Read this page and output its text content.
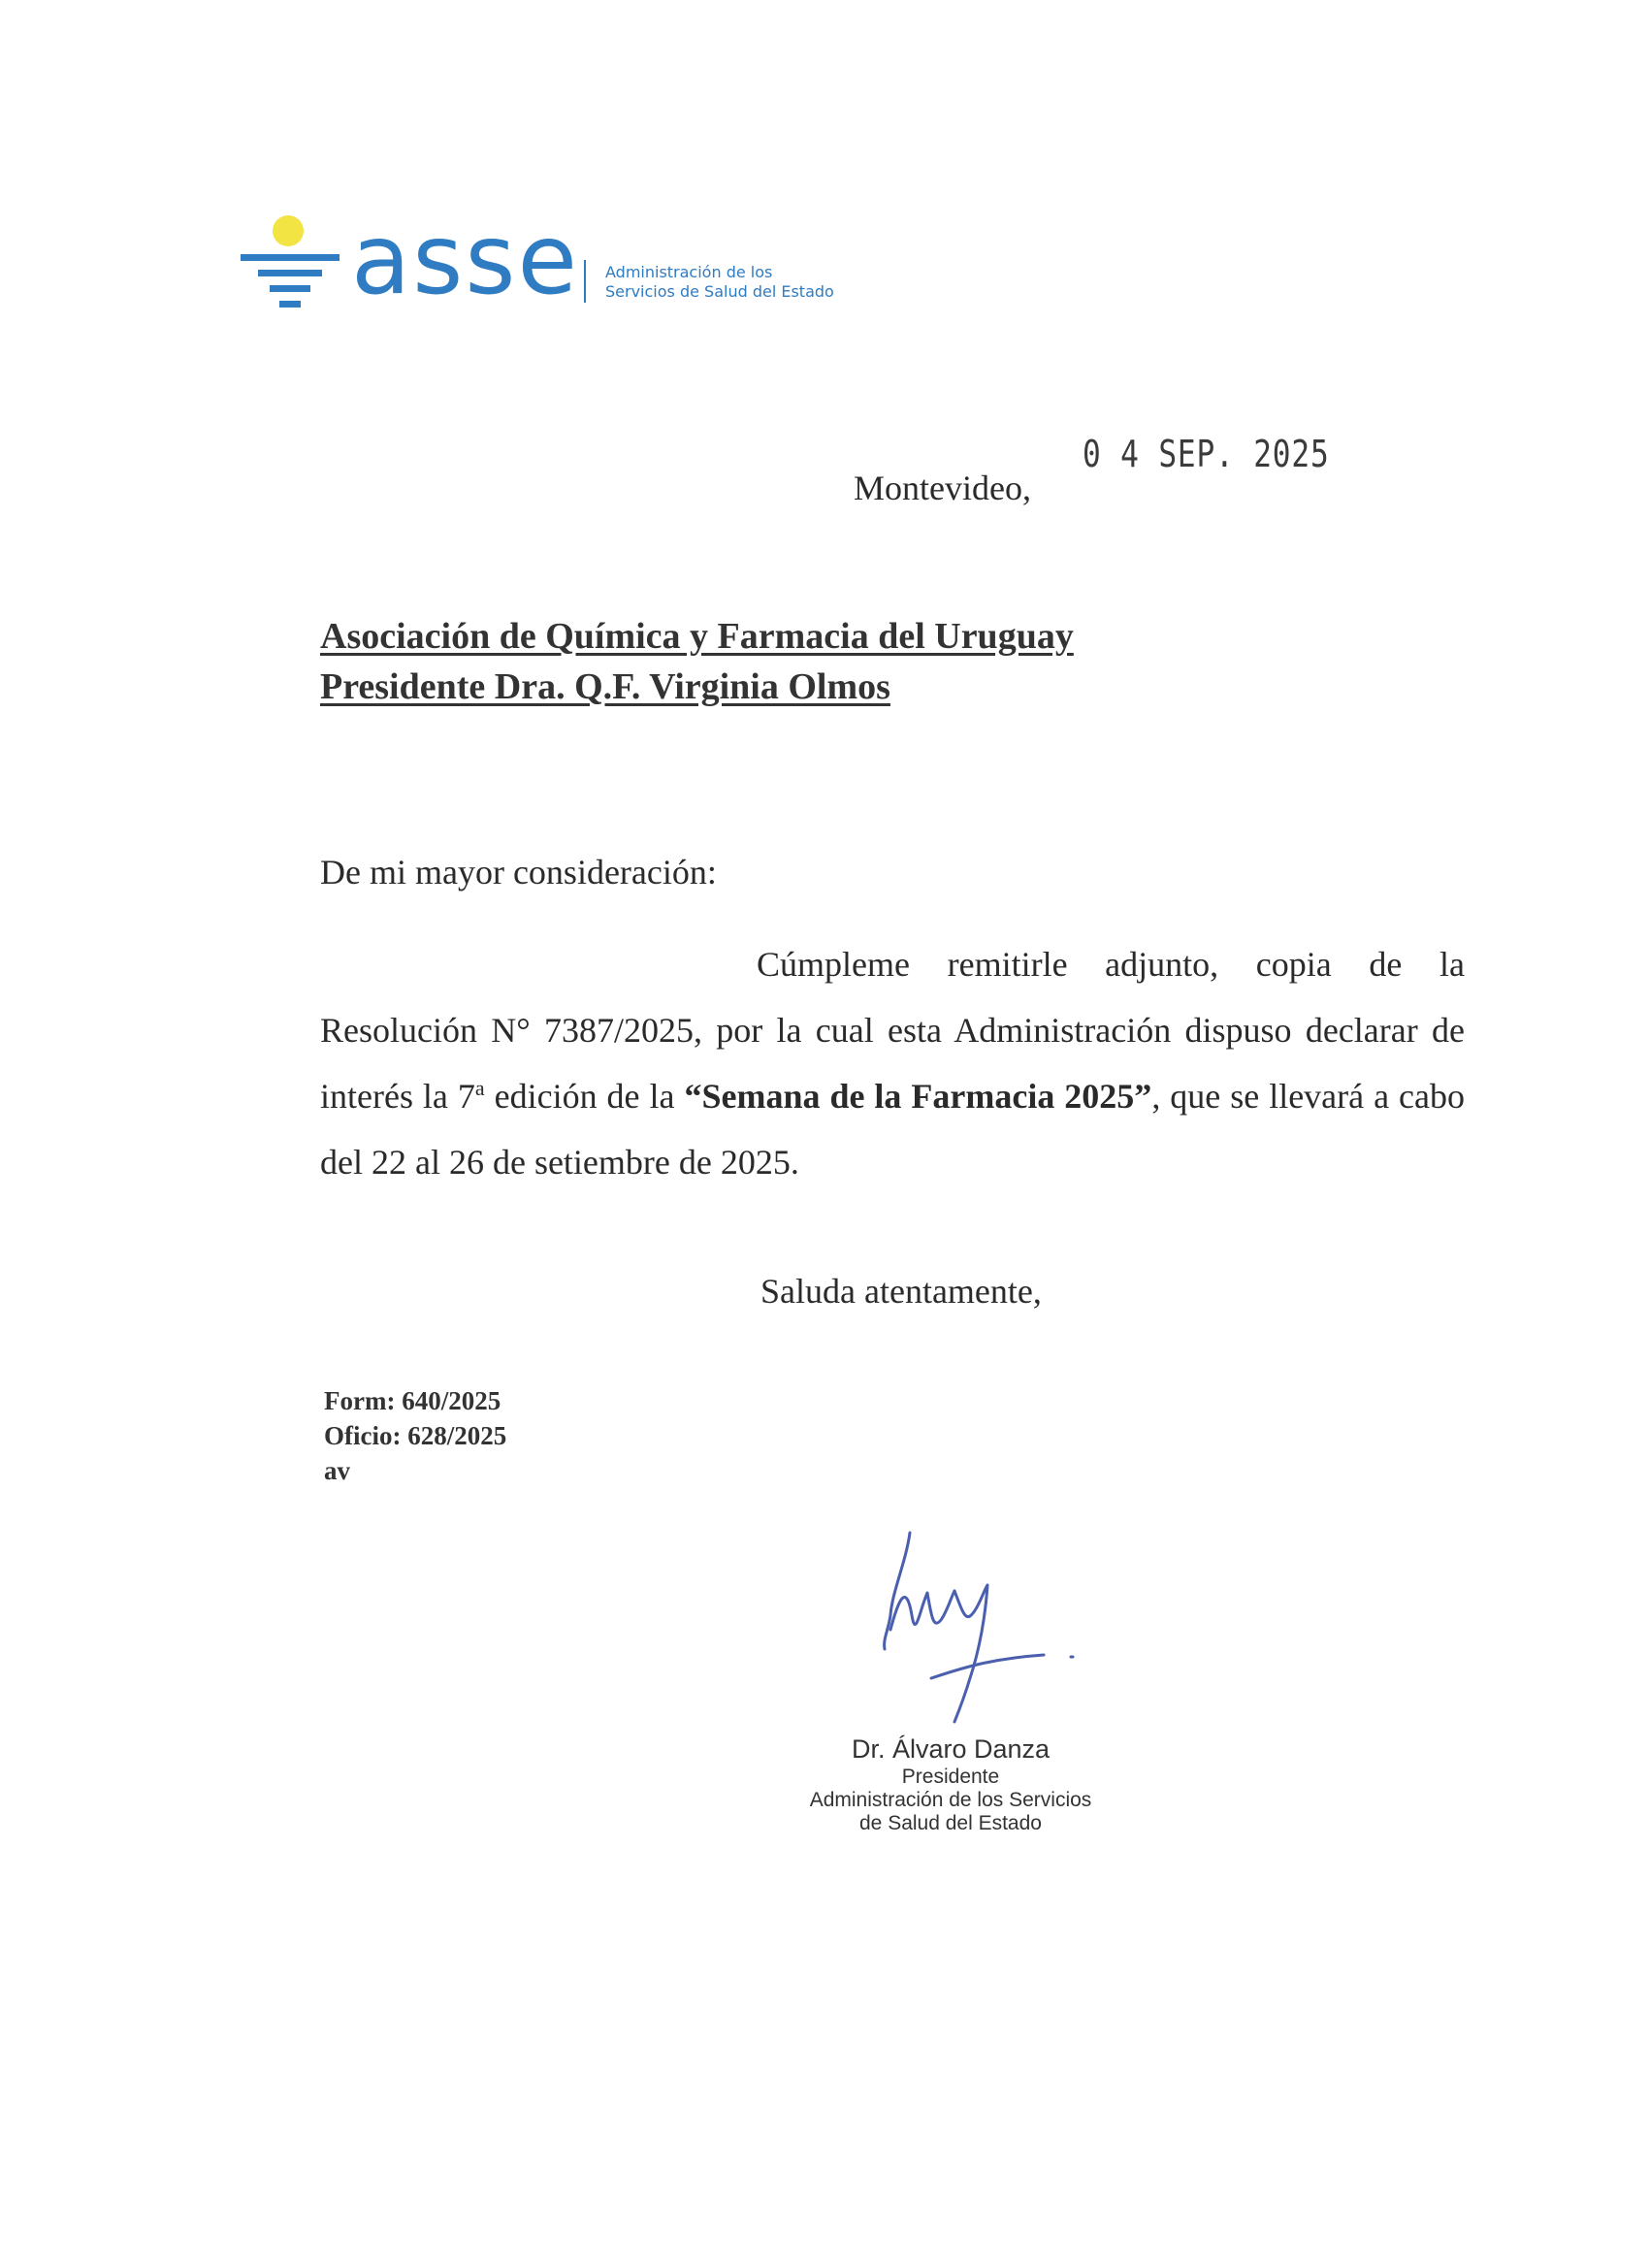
asse Administración de los
Servicios de Salud del Estado
0 4 SEP. 2025
Montevideo,
Asociación de Química y Farmacia del Uruguay
Presidente Dra. Q.F. Virginia Olmos
De mi mayor consideración:
Cúmpleme remitirle adjunto, copia de la Resolución N° 7387/2025, por la cual esta Administración dispuso declarar de interés la 7$^a$ edición de la “Semana de la Farmacia 2025”, que se llevará a cabo del 22 al 26 de setiembre de 2025.
Saluda atentamente,
Form: 640/2025
Oficio: 628/2025
av
Dr. Álvaro Danza
Presidente
Administración de los Servicios
de Salud del Estado
